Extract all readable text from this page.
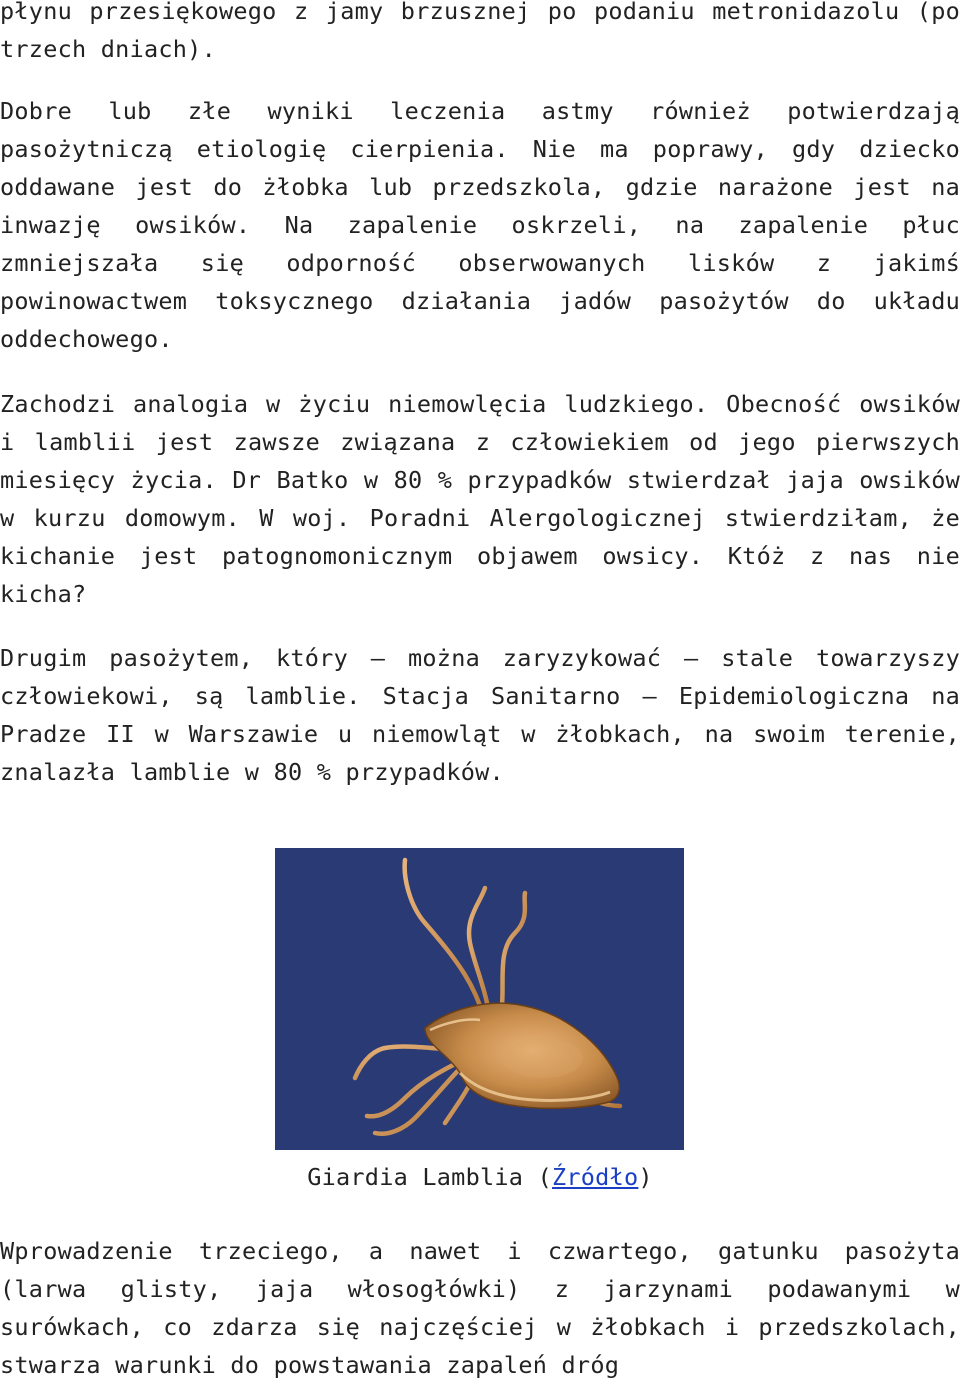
płynu przesiękowego z jamy brzusznej po podaniu metronidazolu (po trzech dniach).

Dobre lub złe wyniki leczenia astmy również potwierdzają pasożytniczą etiologię cierpienia. Nie ma poprawy, gdy dziecko oddawane jest do żłobka lub przedszkola, gdzie narażone jest na inwazję owsików. Na zapalenie oskrzeli, na zapalenie płuc zmniejszała się odporność obserwowanych lisków z jakimś powinowactwem toksycznego działania jadów pasożytów do układu oddechowego.

Zachodzi analogia w życiu niemowlęcia ludzkiego. Obecność owsików i lamblii jest zawsze związana z człowiekiem od jego pierwszych miesięcy życia. Dr Batko w 80 % przypadków stwierdzał jaja owsików w kurzu domowym. W woj. Poradni Alergologicznej stwierdziłam, że kichanie jest patognomonicznym objawem owsicy. Któż z nas nie kicha?

Drugim pasożytem, który – można zaryzykować – stale towarzyszy człowiekowi, są lamblie. Stacja Sanitarno – Epidemiologiczna na Pradze II w Warszawie u niemowląt w żłobkach, na swoim terenie, znalazła lamblie w 80 % przypadków.

Giardia Lamblia (Źródło)

Wprowadzenie trzeciego, a nawet i czwartego, gatunku pasożyta (larwa glisty, jaja włosogłówki) z jarzynami podawanymi w surówkach, co zdarza się najczęściej w żłobkach i przedszkolach, stwarza warunki do powstawania zapaleń dróg
